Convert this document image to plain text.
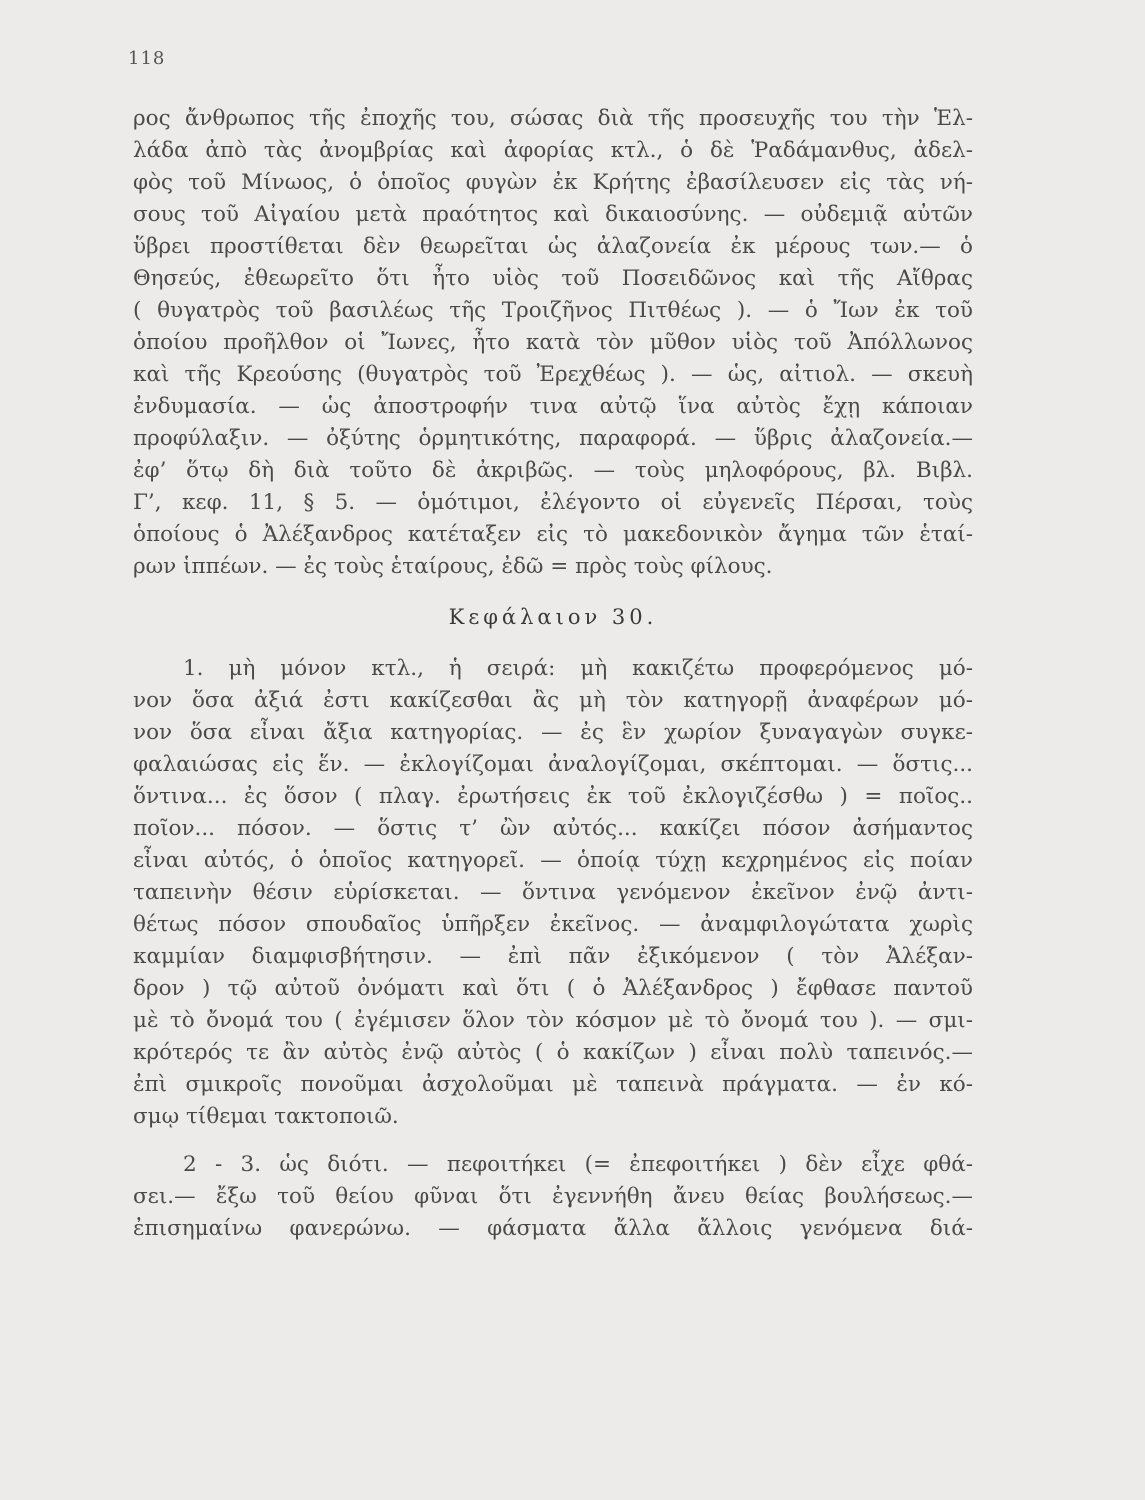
118
ρος ἄνθρωπος τῆς ἐποχῆς του, σώσας διὰ τῆς προσευχῆς του τὴν Ἑλ-
λάδα ἀπὸ τὰς ἀνομβρίας καὶ ἀφορίας κτλ., ὁ δὲ Ῥαδάμανθυς, ἀδελ-
φὸς τοῦ Μίνωος, ὁ ὁποῖος φυγὼν ἐκ Κρήτης ἐβασίλευσεν εἰς τὰς νή-
σους τοῦ Αἰγαίου μετὰ πραότητος καὶ δικαιοσύνης. — οὐδεμιᾷ αὐτῶν
ὕβρει προστίθεται δὲν θεωρεῖται ὡς ἀλαζονεία ἐκ μέρους των.— ὁ
Θησεύς, ἐθεωρεῖτο ὅτι ἦτο υἱὸς τοῦ Ποσειδῶνος καὶ τῆς Αἴθρας
( θυγατρὸς τοῦ βασιλέως τῆς Τροιζῆνος Πιτθέως ). — ὁ Ἴων ἐκ τοῦ
ὁποίου προῆλθον οἱ Ἴωνες, ἦτο κατὰ τὸν μῦθον υἱὸς τοῦ Ἀπόλλωνος
καὶ τῆς Κρεούσης (θυγατρὸς τοῦ Ἐρεχθέως ). — ὡς, αἰτιολ. — σκευὴ
ἐνδυμασία. — ὡς ἀποστροφήν τινα αὐτῷ ἵνα αὐτὸς ἔχῃ κάποιαν
προφύλαξιν. — ὀξύτης ὁρμητικότης, παραφορά. — ὕβρις ἀλαζονεία.—
ἐφ’ ὅτῳ δὴ διὰ τοῦτο δὲ ἀκριβῶς. — τοὺς μηλοφόρους, βλ. Βιβλ.
Γ’, κεφ. 11, § 5. — ὁμότιμοι, ἐλέγοντο οἱ εὐγενεῖς Πέρσαι, τοὺς
ὁποίους ὁ Ἀλέξανδρος κατέταξεν εἰς τὸ μακεδονικὸν ἄγημα τῶν ἑταί-
ρων ἱππέων. — ἐς τοὺς ἑταίρους, ἐδῶ = πρὸς τοὺς φίλους.
Κεφάλαιον 30.
1. μὴ μόνον κτλ., ἡ σειρά: μὴ κακιζέτω προφερόμενος μό-
νον ὅσα ἀξιά ἐστι κακίζεσθαι ἂς μὴ τὸν κατηγορῇ ἀναφέρων μό-
νον ὅσα εἶναι ἄξια κατηγορίας. — ἐς ἓν χωρίον ξυναγαγὼν συγκε-
φαλαιώσας εἰς ἕν. — ἐκλογίζομαι ἀναλογίζομαι, σκέπτομαι. — ὅστις...
ὅντινα... ἐς ὅσον ( πλαγ. ἐρωτήσεις ἐκ τοῦ ἐκλογιζέσθω ) = ποῖος..
ποῖον... πόσον. — ὅστις τ’ ὢν αὐτός... κακίζει πόσον ἀσήμαντος
εἶναι αὐτός, ὁ ὁποῖος κατηγορεῖ. — ὁποίᾳ τύχῃ κεχρημένος εἰς ποίαν
ταπεινὴν θέσιν εὑρίσκεται. — ὅντινα γενόμενον ἐκεῖνον ἐνῷ ἀντι-
θέτως πόσον σπουδαῖος ὑπῆρξεν ἐκεῖνος. — ἀναμφιλογώτατα χωρὶς
καμμίαν διαμφισβήτησιν. — ἐπὶ πᾶν ἐξικόμενον ( τὸν Ἀλέξαν-
δρον ) τῷ αὐτοῦ ὀνόματι καὶ ὅτι ( ὁ Ἀλέξανδρος ) ἔφθασε παντοῦ
μὲ τὸ ὄνομά του ( ἐγέμισεν ὅλον τὸν κόσμον μὲ τὸ ὄνομά του ). — σμι-
κρότερός τε ἂν αὐτὸς ἐνῷ αὐτὸς ( ὁ κακίζων ) εἶναι πολὺ ταπεινός.—
ἐπὶ σμικροῖς πονοῦμαι ἀσχολοῦμαι μὲ ταπεινὰ πράγματα. — ἐν κό-
σμῳ τίθεμαι τακτοποιῶ.
2 - 3. ὡς διότι. — πεφοιτήκει (= ἐπεφοιτήκει ) δὲν εἶχε φθά-
σει.— ἔξω τοῦ θείου φῦναι ὅτι ἐγεννήθη ἄνευ θείας βουλήσεως.—
ἐπισημαίνω φανερώνω. — φάσματα ἄλλα ἄλλοις γενόμενα διά-
